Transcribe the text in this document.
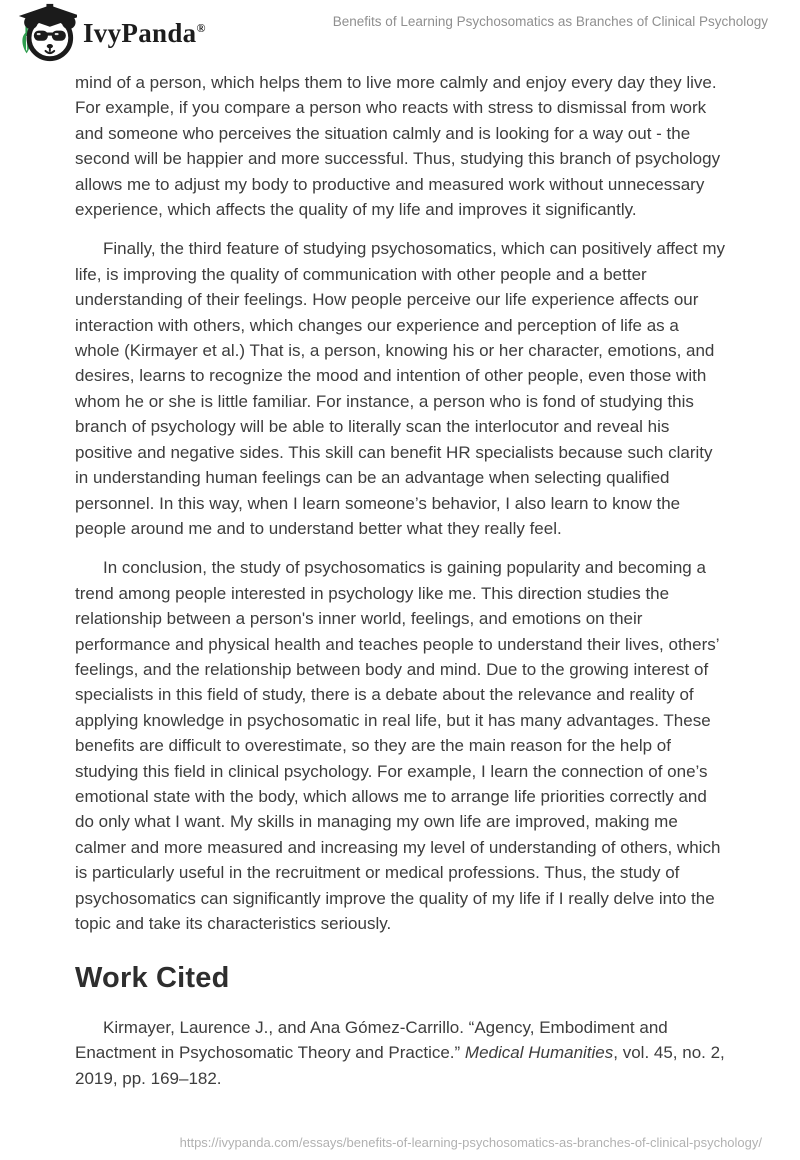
IvyPanda®	Benefits of Learning Psychosomatics as Branches of Clinical Psychology

mind of a person, which helps them to live more calmly and enjoy every day they live. For example, if you compare a person who reacts with stress to dismissal from work and someone who perceives the situation calmly and is looking for a way out - the second will be happier and more successful. Thus, studying this branch of psychology allows me to adjust my body to productive and measured work without unnecessary experience, which affects the quality of my life and improves it significantly.

Finally, the third feature of studying psychosomatics, which can positively affect my life, is improving the quality of communication with other people and a better understanding of their feelings. How people perceive our life experience affects our interaction with others, which changes our experience and perception of life as a whole (Kirmayer et al.) That is, a person, knowing his or her character, emotions, and desires, learns to recognize the mood and intention of other people, even those with whom he or she is little familiar. For instance, a person who is fond of studying this branch of psychology will be able to literally scan the interlocutor and reveal his positive and negative sides. This skill can benefit HR specialists because such clarity in understanding human feelings can be an advantage when selecting qualified personnel. In this way, when I learn someone’s behavior, I also learn to know the people around me and to understand better what they really feel.

In conclusion, the study of psychosomatics is gaining popularity and becoming a trend among people interested in psychology like me. This direction studies the relationship between a person's inner world, feelings, and emotions on their performance and physical health and teaches people to understand their lives, others’ feelings, and the relationship between body and mind. Due to the growing interest of specialists in this field of study, there is a debate about the relevance and reality of applying knowledge in psychosomatic in real life, but it has many advantages. These benefits are difficult to overestimate, so they are the main reason for the help of studying this field in clinical psychology. For example, I learn the connection of one’s emotional state with the body, which allows me to arrange life priorities correctly and do only what I want. My skills in managing my own life are improved, making me calmer and more measured and increasing my level of understanding of others, which is particularly useful in the recruitment or medical professions. Thus, the study of psychosomatics can significantly improve the quality of my life if I really delve into the topic and take its characteristics seriously.

Work Cited

Kirmayer, Laurence J., and Ana Gómez-Carrillo. “Agency, Embodiment and Enactment in Psychosomatic Theory and Practice.” Medical Humanities, vol. 45, no. 2, 2019, pp. 169–182.

https://ivypanda.com/essays/benefits-of-learning-psychosomatics-as-branches-of-clinical-psychology/
